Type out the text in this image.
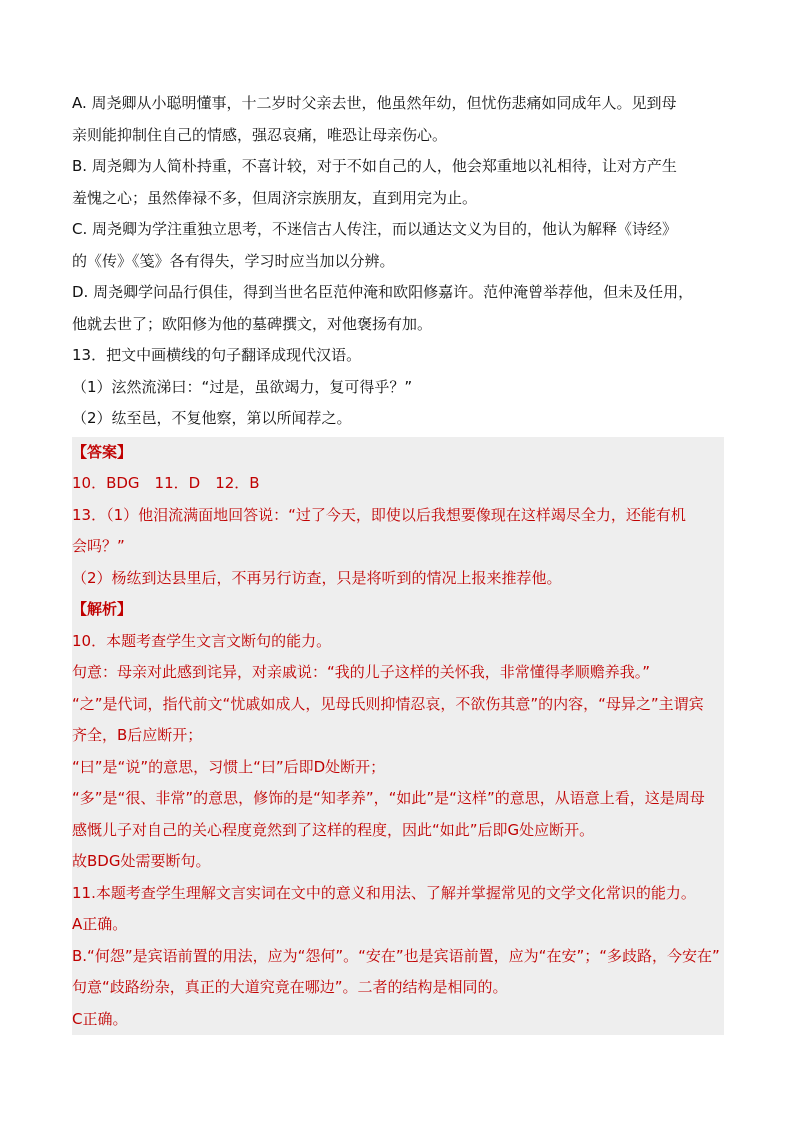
A. 周尧卿从小聪明懂事，十二岁时父亲去世，他虽然年幼，但忧伤悲痛如同成年人。见到母
亲则能抑制住自己的情感，强忍哀痛，唯恐让母亲伤心。
B. 周尧卿为人简朴持重，不喜计较，对于不如自己的人，他会郑重地以礼相待，让对方产生
羞愧之心；虽然俸禄不多，但周济宗族朋友，直到用完为止。
C. 周尧卿为学注重独立思考，不迷信古人传注，而以通达文义为目的，他认为解释《诗经》
的《传》《笺》各有得失，学习时应当加以分辨。
D. 周尧卿学问品行俱佳，得到当世名臣范仲淹和欧阳修嘉许。范仲淹曾举荐他，但未及任用，
他就去世了；欧阳修为他的墓碑撰文，对他褒扬有加。
13．把文中画横线的句子翻译成现代汉语。
（1）泫然流涕曰：“过是，虽欲竭力，复可得乎？”
（2）纮至邑，不复他察，第以所闻荐之。
【答案】
10．BDG　11．D　12．B
13．（1）他泪流满面地回答说：“过了今天，即使以后我想要像现在这样竭尽全力，还能有机
会吗？”
（2）杨纮到达县里后，不再另行访查，只是将听到的情况上报来推荐他。
【解析】
10．本题考查学生文言文断句的能力。
句意：母亲对此感到诧异，对亲戚说：“我的儿子这样的关怀我，非常懂得孝顺赡养我。”
“之”是代词，指代前文“忧戚如成人，见母氏则抑情忍哀，不欲伤其意”的内容，“母异之”主谓宾
齐全，B后应断开；
“曰”是“说”的意思，习惯上“曰”后即D处断开；
“多”是“很、非常”的意思，修饰的是“知孝养”，“如此”是“这样”的意思，从语意上看，这是周母
感慨儿子对自己的关心程度竟然到了这样的程度，因此“如此”后即G处应断开。
故BDG处需要断句。
11.本题考查学生理解文言实词在文中的意义和用法、了解并掌握常见的文学文化常识的能力。
A正确。
B.“何怨”是宾语前置的用法，应为“怨何”。“安在”也是宾语前置，应为“在安”；“多歧路，今安在”
句意“歧路纷杂，真正的大道究竟在哪边”。二者的结构是相同的。
C正确。
